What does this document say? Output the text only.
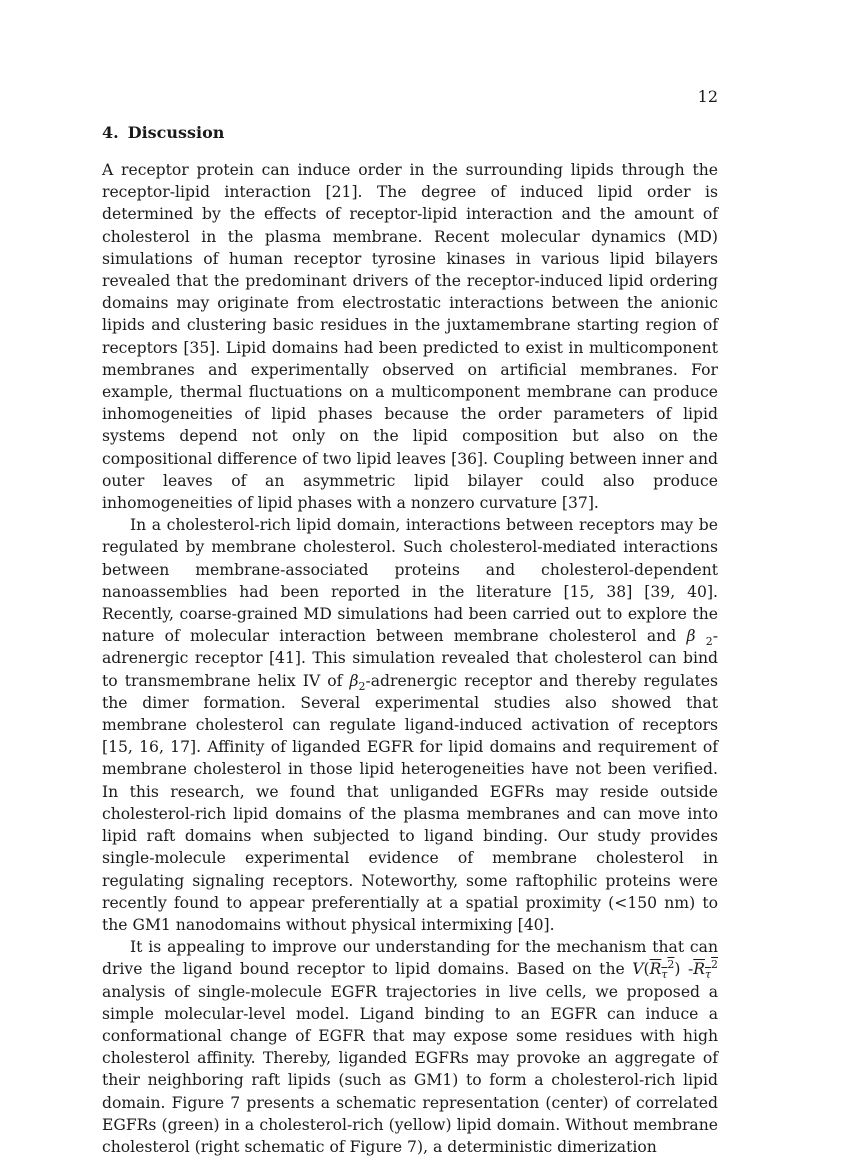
12
4. Discussion

A receptor protein can induce order in the surrounding lipids through the receptor-lipid interaction [21]. The degree of induced lipid order is determined by the effects of receptor-lipid interaction and the amount of cholesterol in the plasma membrane. Recent molecular dynamics (MD) simulations of human receptor tyrosine kinases in various lipid bilayers revealed that the predominant drivers of the receptor-induced lipid ordering domains may originate from electrostatic interactions between the anionic lipids and clustering basic residues in the juxtamembrane starting region of receptors [35]. Lipid domains had been predicted to exist in multicomponent membranes and experimentally observed on artificial membranes. For example, thermal fluctuations on a multicomponent membrane can produce inhomogeneities of lipid phases because the order parameters of lipid systems depend not only on the lipid composition but also on the compositional difference of two lipid leaves [36]. Coupling between inner and outer leaves of an asymmetric lipid bilayer could also produce inhomogeneities of lipid phases with a nonzero curvature [37].

In a cholesterol-rich lipid domain, interactions between receptors may be regulated by membrane cholesterol. Such cholesterol-mediated interactions between membrane-associated proteins and cholesterol-dependent nanoassemblies had been reported in the literature [15, 38] [39, 40]. Recently, coarse-grained MD simulations had been carried out to explore the nature of molecular interaction between membrane cholesterol and β $_2$-adrenergic receptor [41]. This simulation revealed that cholesterol can bind to transmembrane helix IV of $\beta_2$-adrenergic receptor and thereby regulates the dimer formation. Several experimental studies also showed that membrane cholesterol can regulate ligand-induced activation of receptors [15, 16, 17]. Affinity of liganded EGFR for lipid domains and requirement of membrane cholesterol in those lipid heterogeneities have not been verified. In this research, we found that unliganded EGFRs may reside outside cholesterol-rich lipid domains of the plasma membranes and can move into lipid raft domains when subjected to ligand binding. Our study provides single-molecule experimental evidence of membrane cholesterol in regulating signaling receptors. Noteworthy, some raftophilic proteins were recently found to appear preferentially at a spatial proximity (<150 nm) to the GM1 nanodomains without physical intermixing [40].

It is appealing to improve our understanding for the mechanism that can drive the ligand bound receptor to lipid domains. Based on the $V(R_\tau^2)$ $-R_\tau^2$ analysis of single-molecule EGFR trajectories in live cells, we proposed a simple molecular-level model. Ligand binding to an EGFR can induce a conformational change of EGFR that may expose some residues with high cholesterol affinity. Thereby, liganded EGFRs may provoke an aggregate of their neighboring raft lipids (such as GM1) to form a cholesterol-rich lipid domain. Figure 7 presents a schematic representation (center) of correlated EGFRs (green) in a cholesterol-rich (yellow) lipid domain. Without membrane cholesterol (right schematic of Figure 7), a deterministic dimerization
